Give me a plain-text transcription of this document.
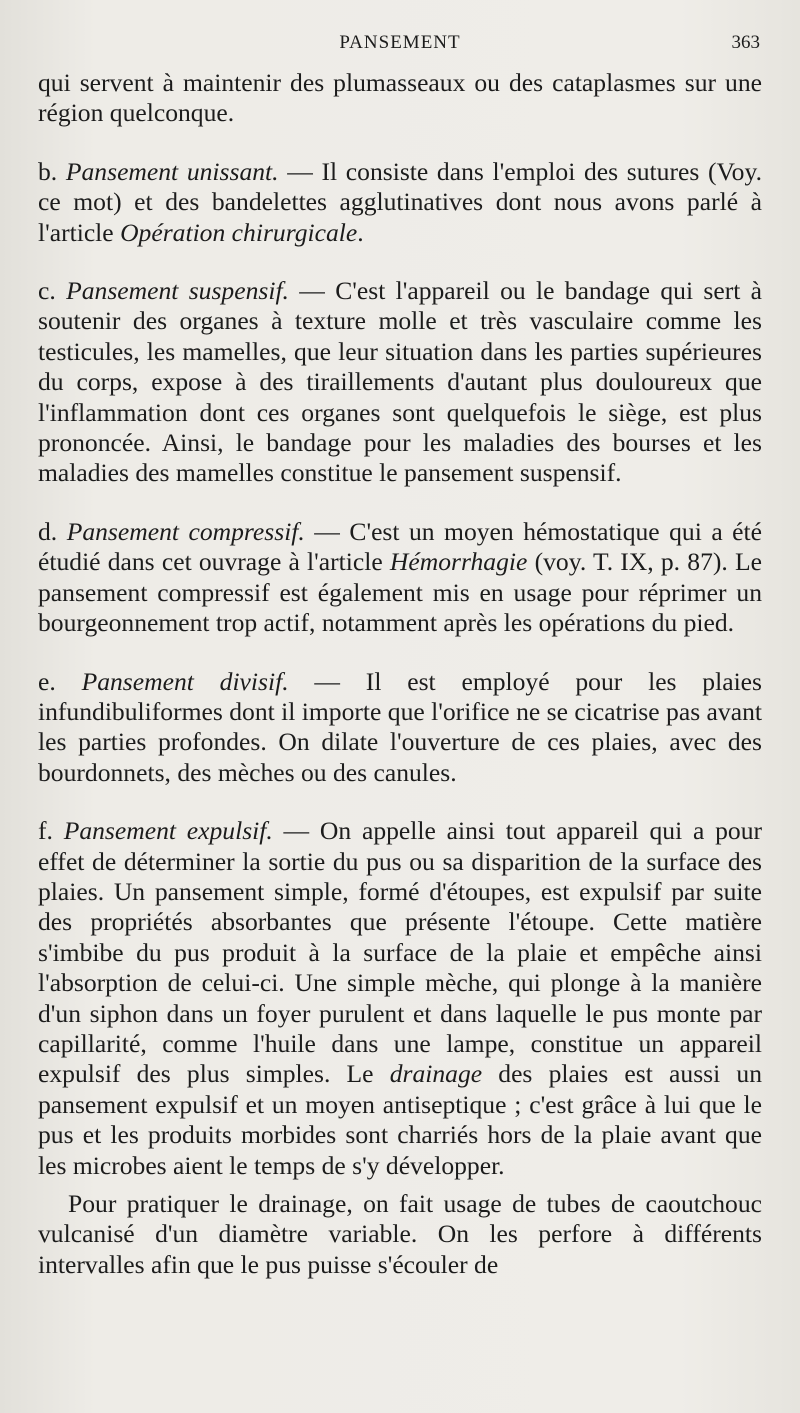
PANSEMENT	363

qui servent à maintenir des plumasseaux ou des cataplasmes sur une région quelconque.

b. Pansement unissant. — Il consiste dans l'emploi des sutures (Voy. ce mot) et des bandelettes agglutinatives dont nous avons parlé à l'article Opération chirurgicale.

c. Pansement suspensif. — C'est l'appareil ou le bandage qui sert à soutenir des organes à texture molle et très vasculaire comme les testicules, les mamelles, que leur situation dans les parties supérieures du corps, expose à des tiraillements d'autant plus douloureux que l'inflammation dont ces organes sont quelquefois le siège, est plus prononcée. Ainsi, le bandage pour les maladies des bourses et les maladies des mamelles constitue le pansement suspensif.

d. Pansement compressif. — C'est un moyen hémostatique qui a été étudié dans cet ouvrage à l'article Hémorrhagie (voy. T. IX, p. 87). Le pansement compressif est également mis en usage pour réprimer un bourgeonnement trop actif, notamment après les opérations du pied.

e. Pansement divisif. — Il est employé pour les plaies infundibuliformes dont il importe que l'orifice ne se cicatrise pas avant les parties profondes. On dilate l'ouverture de ces plaies, avec des bourdonnets, des mèches ou des canules.

f. Pansement expulsif. — On appelle ainsi tout appareil qui a pour effet de déterminer la sortie du pus ou sa disparition de la surface des plaies. Un pansement simple, formé d'étoupes, est expulsif par suite des propriétés absorbantes que présente l'étoupe. Cette matière s'imbibe du pus produit à la surface de la plaie et empêche ainsi l'absorption de celui-ci. Une simple mèche, qui plonge à la manière d'un siphon dans un foyer purulent et dans laquelle le pus monte par capillarité, comme l'huile dans une lampe, constitue un appareil expulsif des plus simples. Le drainage des plaies est aussi un pansement expulsif et un moyen antiseptique ; c'est grâce à lui que le pus et les produits morbides sont charriés hors de la plaie avant que les microbes aient le temps de s'y développer.

Pour pratiquer le drainage, on fait usage de tubes de caoutchouc vulcanisé d'un diamètre variable. On les perfore à différents intervalles afin que le pus puisse s'écouler de
